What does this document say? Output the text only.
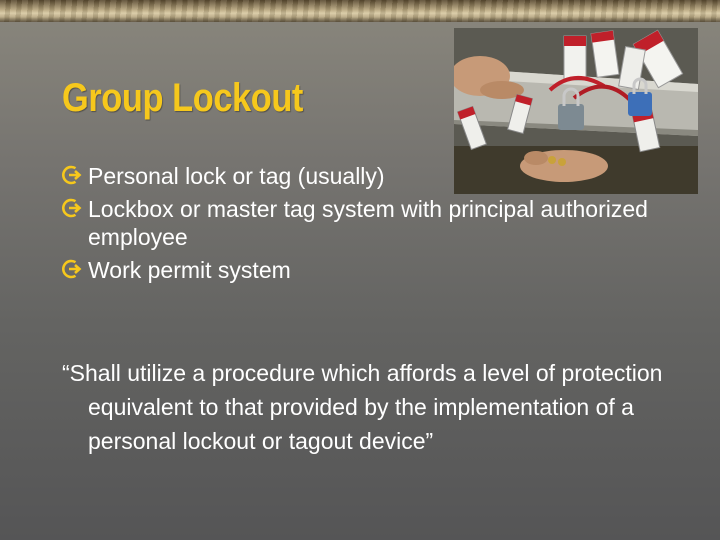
Group Lockout
Personal lock or tag (usually)
Lockbox or master tag system with principal authorized employee
Work permit system

“Shall utilize a procedure which affords a level of protection equivalent to that provided by the implementation of a personal lockout or tagout device”
